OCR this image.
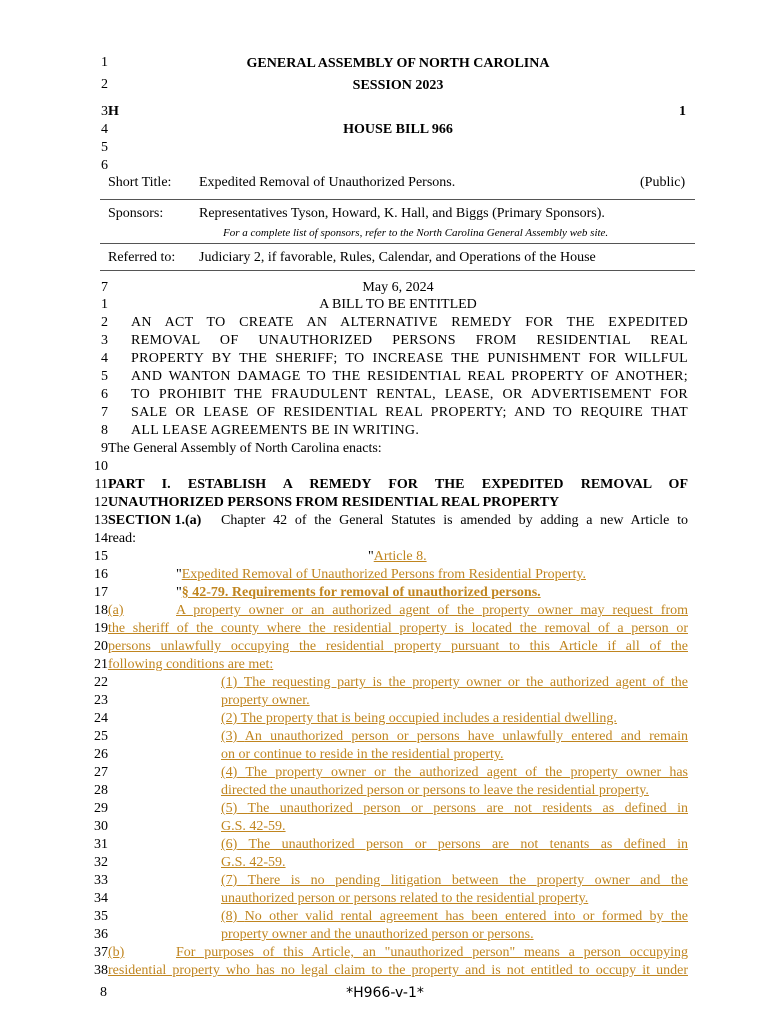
1
2
3
4
5
6
GENERAL ASSEMBLY OF NORTH CAROLINA
SESSION 2023
H	1
HOUSE BILL 966
Short Title: Expedited Removal of Unauthorized Persons.	(Public)
Sponsors:	Representatives Tyson, Howard, K. Hall, and Biggs (Primary Sponsors).
For a complete list of sponsors, refer to the North Carolina General Assembly web site.
Referred to: Judiciary 2, if favorable, Rules, Calendar, and Operations of the House
7	May 6, 2024
1
2
3
4
5
6
7
8
9
10
11
12
13
14
15
16
17
18
19
20
21
22
23
24
25
26
27
28
29
30
31
32
33
34
35
36
37
38
A BILL TO BE ENTITLED
AN ACT TO CREATE AN ALTERNATIVE REMEDY FOR THE EXPEDITED
REMOVAL OF UNAUTHORIZED PERSONS FROM RESIDENTIAL REAL
PROPERTY BY THE SHERIFF; TO INCREASE THE PUNISHMENT FOR WILLFUL
AND WANTON DAMAGE TO THE RESIDENTIAL REAL PROPERTY OF ANOTHER;
TO PROHIBIT THE FRAUDULENT RENTAL, LEASE, OR ADVERTISEMENT FOR
SALE OR LEASE OF RESIDENTIAL REAL PROPERTY; AND TO REQUIRE THAT
ALL LEASE AGREEMENTS BE IN WRITING.
The General Assembly of North Carolina enacts:
PART I. ESTABLISH A REMEDY FOR THE EXPEDITED REMOVAL OF
UNAUTHORIZED PERSONS FROM RESIDENTIAL REAL PROPERTY
SECTION 1.(a) Chapter 42 of the General Statutes is amended by adding a new Article to
read:
"Article 8.
"Expedited Removal of Unauthorized Persons from Residential Property.
"§ 42-79. Requirements for removal of unauthorized persons.
(a)	A property owner or an authorized agent of the property owner may request from
the sheriff of the county where the residential property is located the removal of a person or
persons unlawfully occupying the residential property pursuant to this Article if all of the
following conditions are met:
(1) The requesting party is the property owner or the authorized agent of the
property owner.
(2) The property that is being occupied includes a residential dwelling.
(3) An unauthorized person or persons have unlawfully entered and remain
on or continue to reside in the residential property.
(4) The property owner or the authorized agent of the property owner has
directed the unauthorized person or persons to leave the residential property.
(5) The unauthorized person or persons are not residents as defined in
G.S. 42-59.
(6) The unauthorized person or persons are not tenants as defined in
G.S. 42-59.
(7) There is no pending litigation between the property owner and the
unauthorized person or persons related to the residential property.
(8) No other valid rental agreement has been entered into or formed by the
property owner and the unauthorized person or persons.
(b)	For purposes of this Article, an "unauthorized person" means a person occupying
residential property who has no legal claim to the property and is not entitled to occupy it under
8	*H966-v-1*
